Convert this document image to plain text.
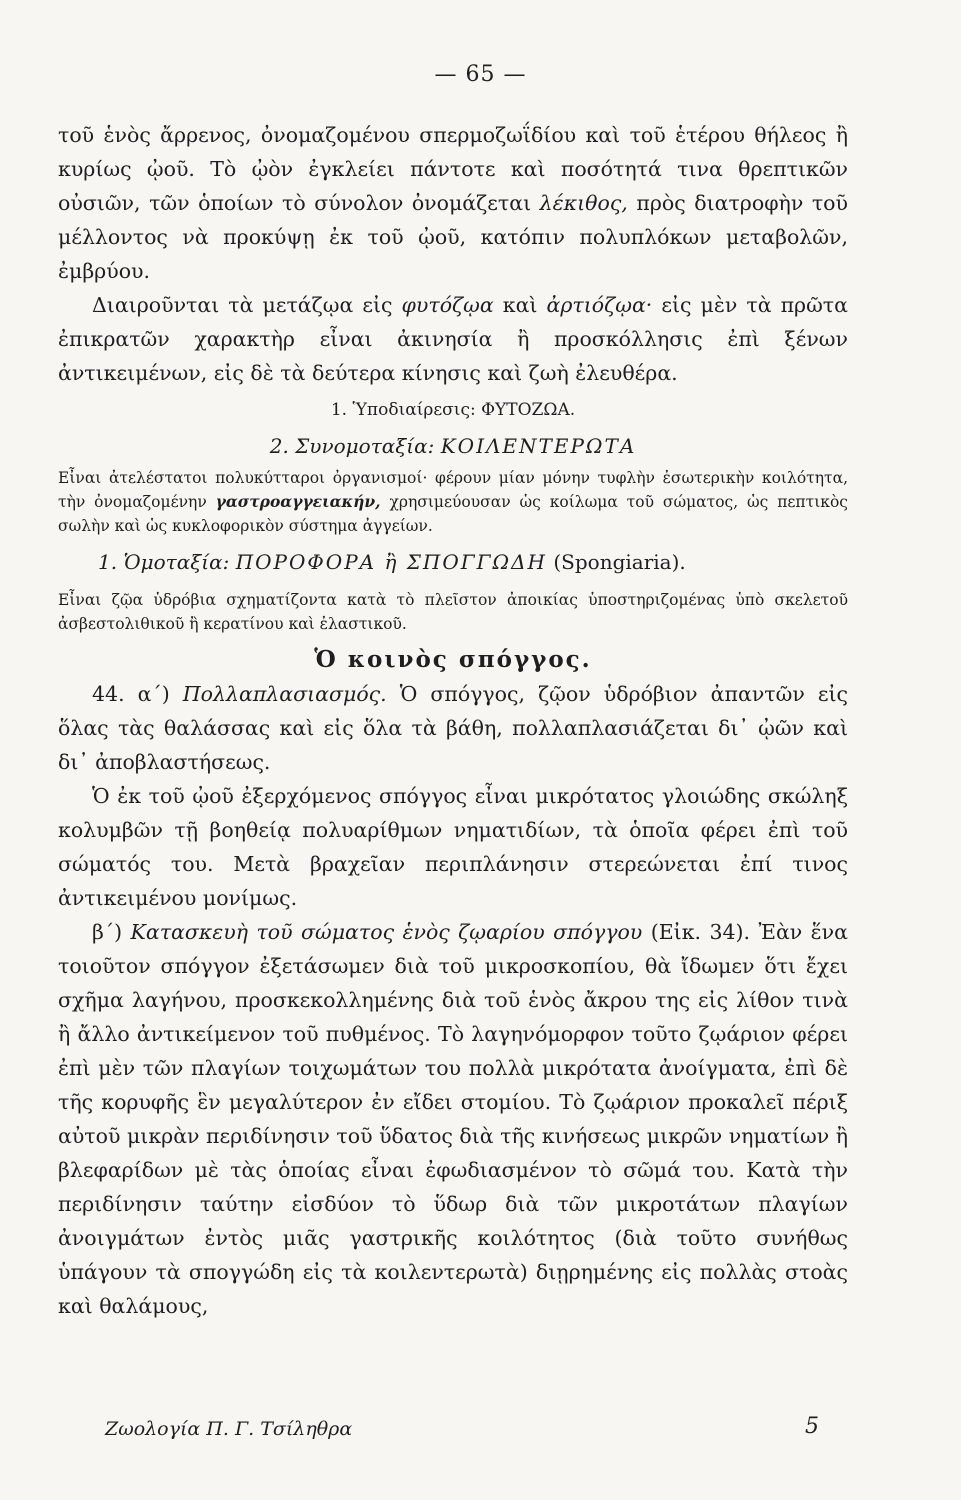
— 65 —

τοῦ ἑνὸς ἄρρενος, ὀνομαζομένου σπερμοζωΐδίου καὶ τοῦ ἑτέρου θήλεος ἢ κυρίως ᾠοῦ. Τὸ ᾠὸν ἐγκλείει πάντοτε καὶ ποσότητά τινα θρεπτικῶν οὐσιῶν, τῶν ὁποίων τὸ σύνολον ὀνομάζεται λέκιθος, πρὸς διατροφὴν τοῦ μέλλοντος νὰ προκύψῃ ἐκ τοῦ ᾠοῦ, κατόπιν πολυπλόκων μεταβολῶν, ἐμβρύου.

Διαιροῦνται τὰ μετάζῳα εἰς φυτόζῳα καὶ ἀρτιόζῳα· εἰς μὲν τὰ πρῶτα ἐπικρατῶν χαρακτὴρ εἶναι ἀκινησία ἢ προσκόλλησις ἐπὶ ξένων ἀντικειμένων, εἰς δὲ τὰ δεύτερα κίνησις καὶ ζωὴ ἐλευθέρα.

1. Ὑποδιαίρεσις: ΦΥΤΟΖΩΑ.

2. Συνομοταξία: ΚΟΙΛΕΝΤΕΡΩΤΑ

Εἶναι ἀτελέστατοι πολυκύτταροι ὀργανισμοί· φέρουν μίαν μόνην τυφλὴν ἐσωτερικὴν κοιλότητα, τὴν ὀνομαζομένην γαστροαγγειακήν, χρησιμεύουσαν ὡς κοίλωμα τοῦ σώματος, ὡς πεπτικὸς σωλὴν καὶ ὡς κυκλοφορικὸν σύστημα ἀγγείων.

1. Ὁμοταξία: ΠΟΡΟΦΟΡΑ ἢ ΣΠΟΓΓΩΔΗ (Spongiaria).

Εἶναι ζῷα ὑδρόβια σχηματίζοντα κατὰ τὸ πλεῖστον ἀποικίας ὑποστηριζομένας ὑπὸ σκελετοῦ ἀσβεστολιθικοῦ ἢ κερατίνου καὶ ἐλαστικοῦ.

Ὁ κοινὸς σπόγγος.

44. α΄) Πολλαπλασιασμός. Ὁ σπόγγος, ζῷον ὑδρόβιον ἀπαντῶν εἰς ὅλας τὰς θαλάσσας καὶ εἰς ὅλα τὰ βάθη, πολλαπλασιάζεται δι᾽ ᾠῶν καὶ δι᾽ ἀποβλαστήσεως.

Ὁ ἐκ τοῦ ᾠοῦ ἐξερχόμενος σπόγγος εἶναι μικρότατος γλοιώδης σκώληξ κολυμβῶν τῇ βοηθείᾳ πολυαρίθμων νηματιδίων, τὰ ὁποῖα φέρει ἐπὶ τοῦ σώματός του. Μετὰ βραχεῖαν περιπλάνησιν στερεώνεται ἐπί τινος ἀντικειμένου μονίμως.

β΄) Κατασκευὴ τοῦ σώματος ἑνὸς ζῳαρίου σπόγγου (Εἰκ. 34). Ἐὰν ἕνα τοιοῦτον σπόγγον ἐξετάσωμεν διὰ τοῦ μικροσκοπίου, θὰ ἴδωμεν ὅτι ἔχει σχῆμα λαγήνου, προσκεκολλημένης διὰ τοῦ ἑνὸς ἄκρου της εἰς λίθον τινὰ ἢ ἄλλο ἀντικείμενον τοῦ πυθμένος. Τὸ λαγηνόμορφον τοῦτο ζῳάριον φέρει ἐπὶ μὲν τῶν πλαγίων τοιχωμάτων του πολλὰ μικρότατα ἀνοίγματα, ἐπὶ δὲ τῆς κορυφῆς ἓν μεγαλύτερον ἐν εἴδει στομίου. Τὸ ζῳάριον προκαλεῖ πέριξ αὐτοῦ μικρὰν περιδίνησιν τοῦ ὕδατος διὰ τῆς κινήσεως μικρῶν νηματίων ἢ βλεφαρίδων μὲ τὰς ὁποίας εἶναι ἐφωδιασμένον τὸ σῶμά του. Κατὰ τὴν περιδίνησιν ταύτην εἰσδύον τὸ ὕδωρ διὰ τῶν μικροτάτων πλαγίων ἀνοιγμάτων ἐντὸς μιᾶς γαστρικῆς κοιλότητος (διὰ τοῦτο συνήθως ὑπάγουν τὰ σπογγώδη εἰς τὰ κοιλεντερωτὰ) διῃρημένης εἰς πολλὰς στοὰς καὶ θαλάμους,

Ζωολογία Π. Γ. Τσίληθρα	5
